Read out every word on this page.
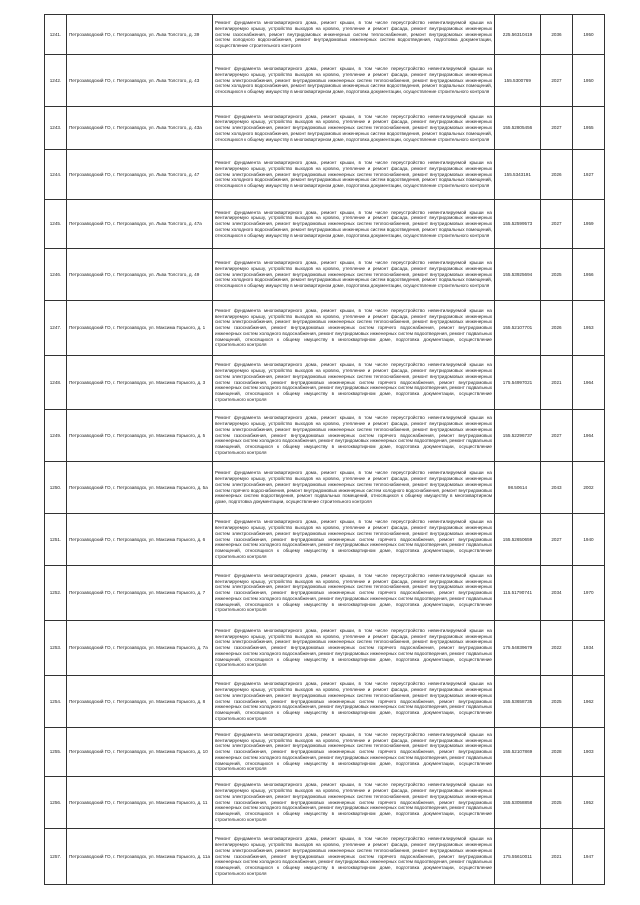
1241.	Петрозаводский ГО, г. Петрозаводск, ул. Льва Толстого, д. 39	Ремонт фундамента многоквартирного дома, ремонт крыши, в том числе переустройство невентилируемой крыши на вентилируемую крышу, устройство выходов на кровлю, утепление и ремонт фасада, ремонт внутридомовых инженерных систем газоснабжения, ремонт внутридомовых инженерных систем теплоснабжения, ремонт внутридомовых инженерных систем холодного водоснабжения, ремонт внутридомовых инженерных систем водоотведения, подготовка документации, осуществление строительного контроля	225.56310419	2036	1950
1242.	Петрозаводский ГО, г. Петрозаводск, ул. Льва Толстого, д. 43	Ремонт фундамента многоквартирного дома, ремонт крыши, в том числе переустройство невентилируемой крыши на вентилируемую крышу, устройство выходов на кровлю, утепление и ремонт фасада, ремонт внутридомовых инженерных систем электроснабжения, ремонт внутридомовых инженерных систем теплоснабжения, ремонт внутридомовых инженерных систем холодного водоснабжения, ремонт внутридомовых инженерных систем водоотведения, ремонт подвальных помещений, относящихся к общему имуществу в многоквартирном доме, подготовка документации, осуществление строительного контроля	155.5300769	2027	1950
1243.	Петрозаводский ГО, г. Петрозаводск, ул. Льва Толстого, д. 43а	Ремонт фундамента многоквартирного дома, ремонт крыши, в том числе переустройство невентилируемой крыши на вентилируемую крышу, устройство выходов на кровлю, утепление и ремонт фасада, ремонт внутридомовых инженерных систем электроснабжения, ремонт внутридомовых инженерных систем теплоснабжения, ремонт внутридомовых инженерных систем холодного водоснабжения, ремонт внутридомовых инженерных систем водоотведения, ремонт подвальных помещений, относящихся к общему имуществу в многоквартирном доме, подготовка документации, осуществление строительного контроля	155.52805456	2027	1955
1244.	Петрозаводский ГО, г. Петрозаводск, ул. Льва Толстого, д. 47	Ремонт фундамента многоквартирного дома, ремонт крыши, в том числе переустройство невентилируемой крыши на вентилируемую крышу, устройство выходов на кровлю, утепление и ремонт фасада, ремонт внутридомовых инженерных систем электроснабжения, ремонт внутридомовых инженерных систем теплоснабжения, ремонт внутридомовых инженерных систем холодного водоснабжения, ремонт внутридомовых инженерных систем водоотведения, ремонт подвальных помещений, относящихся к общему имуществу в многоквартирном доме, подготовка документации, осуществление строительного контроля	155.5343191	2026	1927
1245.	Петрозаводский ГО, г. Петрозаводск, ул. Льва Толстого, д. 47а	Ремонт фундамента многоквартирного дома, ремонт крыши, в том числе переустройство невентилируемой крыши на вентилируемую крышу, устройство выходов на кровлю, утепление и ремонт фасада, ремонт внутридомовых инженерных систем электроснабжения, ремонт внутридомовых инженерных систем теплоснабжения, ремонт внутридомовых инженерных систем холодного водоснабжения, ремонт внутридомовых инженерных систем водоотведения, ремонт подвальных помещений, относящихся к общему имуществу в многоквартирном доме, подготовка документации, осуществление строительного контроля	155.52599573	2027	1959
1246.	Петрозаводский ГО, г. Петрозаводск, ул. Льва Толстого, д. 49	Ремонт фундамента многоквартирного дома, ремонт крыши, в том числе переустройство невентилируемой крыши на вентилируемую крышу, устройство выходов на кровлю, утепление и ремонт фасада, ремонт внутридомовых инженерных систем электроснабжения, ремонт внутридомовых инженерных систем теплоснабжения, ремонт внутридомовых инженерных систем холодного водоснабжения, ремонт внутридомовых инженерных систем водоотведения, ремонт подвальных помещений, относящихся к общему имуществу в многоквартирном доме, подготовка документации, осуществление строительного контроля	155.53925694	2025	1956
1247.	Петрозаводский ГО, г. Петрозаводск, ул. Максима Горького, д. 1	Ремонт фундамента многоквартирного дома, ремонт крыши, в том числе переустройство невентилируемой крыши на вентилируемую крышу, устройство выходов на кровлю, утепление и ремонт фасада, ремонт внутридомовых инженерных систем электроснабжения, ремонт внутридомовых инженерных систем теплоснабжения, ремонт внутридомовых инженерных систем газоснабжения, ремонт внутридомовых инженерных систем горячего водоснабжения, ремонт внутридомовых инженерных систем холодного водоснабжения, ремонт внутридомовых инженерных систем водоотведения, ремонт подвальных помещений, относящихся к общему имуществу в многоквартирном доме, подготовка документации, осуществление строительного контроля	155.52107701	2026	1953
1248.	Петрозаводский ГО, г. Петрозаводск, ул. Максима Горького, д. 3	Ремонт фундамента многоквартирного дома, ремонт крыши, в том числе переустройство невентилируемой крыши на вентилируемую крышу, устройство выходов на кровлю, утепление и ремонт фасада, ремонт внутридомовых инженерных систем электроснабжения, ремонт внутридомовых инженерных систем теплоснабжения, ремонт внутридомовых инженерных систем газоснабжения, ремонт внутридомовых инженерных систем горячего водоснабжения, ремонт внутридомовых инженерных систем холодного водоснабжения, ремонт внутридомовых инженерных систем водоотведения, ремонт подвальных помещений, относящихся к общему имуществу в многоквартирном доме, подготовка документации, осуществление строительного контроля	175.54997021	2021	1964
1249.	Петрозаводский ГО, г. Петрозаводск, ул. Максима Горького, д. 5	Ремонт фундамента многоквартирного дома, ремонт крыши, в том числе переустройство невентилируемой крыши на вентилируемую крышу, устройство выходов на кровлю, утепление и ремонт фасада, ремонт внутридомовых инженерных систем электроснабжения, ремонт внутридомовых инженерных систем теплоснабжения, ремонт внутридомовых инженерных систем газоснабжения, ремонт внутридомовых инженерных систем горячего водоснабжения, ремонт внутридомовых инженерных систем холодного водоснабжения, ремонт внутридомовых инженерных систем водоотведения, ремонт подвальных помещений, относящихся к общему имуществу в многоквартирном доме, подготовка документации, осуществление строительного контроля	155.52296737	2027	1964
1250.	Петрозаводский ГО, г. Петрозаводск, ул. Максима Горького, д. 5а	Ремонт фундамента многоквартирного дома, ремонт крыши, в том числе переустройство невентилируемой крыши на вентилируемую крышу, устройство выходов на кровлю, утепление и ремонт фасада, ремонт внутридомовых инженерных систем электроснабжения, ремонт внутридомовых инженерных систем теплоснабжения, ремонт внутридомовых инженерных систем горячего водоснабжения, ремонт внутридомовых инженерных систем холодного водоснабжения, ремонт внутридомовых инженерных систем водоотведения, ремонт подвальных помещений, относящихся к общему имуществу в многоквартирном доме, подготовка документации, осуществление строительного контроля	98.50614	2043	2002
1251.	Петрозаводский ГО, г. Петрозаводск, ул. Максима Горького, д. 6	Ремонт фундамента многоквартирного дома, ремонт крыши, в том числе переустройство невентилируемой крыши на вентилируемую крышу, устройство выходов на кровлю, утепление и ремонт фасада, ремонт внутридомовых инженерных систем электроснабжения, ремонт внутридомовых инженерных систем теплоснабжения, ремонт внутридомовых инженерных систем газоснабжения, ремонт внутридомовых инженерных систем горячего водоснабжения, ремонт внутридомовых инженерных систем холодного водоснабжения, ремонт внутридомовых инженерных систем водоотведения, ремонт подвальных помещений, относящихся к общему имуществу в многоквартирном доме, подготовка документации, осуществление строительного контроля	155.52650659	2027	1940
1252.	Петрозаводский ГО, г. Петрозаводск, ул. Максима Горького, д. 7	Ремонт фундамента многоквартирного дома, ремонт крыши, в том числе переустройство невентилируемой крыши на вентилируемую крышу, устройство выходов на кровлю, утепление и ремонт фасада, ремонт внутридомовых инженерных систем электроснабжения, ремонт внутридомовых инженерных систем теплоснабжения, ремонт внутридомовых инженерных систем газоснабжения, ремонт внутридомовых инженерных систем горячего водоснабжения, ремонт внутридомовых инженерных систем холодного водоснабжения, ремонт внутридомовых инженерных систем водоотведения, ремонт подвальных помещений, относящихся к общему имуществу в многоквартирном доме, подготовка документации, осуществление строительного контроля	115.51790741	2034	1970
1253.	Петрозаводский ГО, г. Петрозаводск, ул. Максима Горького, д. 7а	Ремонт фундамента многоквартирного дома, ремонт крыши, в том числе переустройство невентилируемой крыши на вентилируемую крышу, устройство выходов на кровлю, утепление и ремонт фасада, ремонт внутридомовых инженерных систем электроснабжения, ремонт внутридомовых инженерных систем теплоснабжения, ремонт внутридомовых инженерных систем газоснабжения, ремонт внутридомовых инженерных систем горячего водоснабжения, ремонт внутридомовых инженерных систем холодного водоснабжения, ремонт внутридомовых инженерных систем водоотведения, ремонт подвальных помещений, относящихся к общему имуществу в многоквартирном доме, подготовка документации, осуществление строительного контроля	175.54839679	2022	1934
1254.	Петрозаводский ГО, г. Петрозаводск, ул. Максима Горького, д. 8	Ремонт фундамента многоквартирного дома, ремонт крыши, в том числе переустройство невентилируемой крыши на вентилируемую крышу, устройство выходов на кровлю, утепление и ремонт фасада, ремонт внутридомовых инженерных систем электроснабжения, ремонт внутридомовых инженерных систем теплоснабжения, ремонт внутридомовых инженерных систем газоснабжения, ремонт внутридомовых инженерных систем горячего водоснабжения, ремонт внутридомовых инженерных систем холодного водоснабжения, ремонт внутридомовых инженерных систем водоотведения, ремонт подвальных помещений, относящихся к общему имуществу в многоквартирном доме, подготовка документации, осуществление строительного контроля	155.53658735	2025	1962
1255.	Петрозаводский ГО, г. Петрозаводск, ул. Максима Горького, д. 10	Ремонт фундамента многоквартирного дома, ремонт крыши, в том числе переустройство невентилируемой крыши на вентилируемую крышу, устройство выходов на кровлю, утепление и ремонт фасада, ремонт внутридомовых инженерных систем электроснабжения, ремонт внутридомовых инженерных систем теплоснабжения, ремонт внутридомовых инженерных систем газоснабжения, ремонт внутридомовых инженерных систем горячего водоснабжения, ремонт внутридомовых инженерных систем холодного водоснабжения, ремонт внутридомовых инженерных систем водоотведения, ремонт подвальных помещений, относящихся к общему имуществу в многоквартирном доме, подготовка документации, осуществление строительного контроля	155.52107869	2028	1903
1256.	Петрозаводский ГО, г. Петрозаводск, ул. Максима Горького, д. 11	Ремонт фундамента многоквартирного дома, ремонт крыши, в том числе переустройство невентилируемой крыши на вентилируемую крышу, устройство выходов на кровлю, утепление и ремонт фасада, ремонт внутридомовых инженерных систем электроснабжения, ремонт внутридомовых инженерных систем теплоснабжения, ремонт внутридомовых инженерных систем газоснабжения, ремонт внутридомовых инженерных систем горячего водоснабжения, ремонт внутридомовых инженерных систем холодного водоснабжения, ремонт внутридомовых инженерных систем водоотведения, ремонт подвальных помещений, относящихся к общему имуществу в многоквартирном доме, подготовка документации, осуществление строительного контроля	155.53058858	2025	1952
1257.	Петрозаводский ГО, г. Петрозаводск, ул. Максима Горького, д. 11а	Ремонт фундамента многоквартирного дома, ремонт крыши, в том числе переустройство невентилируемой крыши на вентилируемую крышу, устройство выходов на кровлю, утепление и ремонт фасада, ремонт внутридомовых инженерных систем электроснабжения, ремонт внутридомовых инженерных систем теплоснабжения, ремонт внутридомовых инженерных систем газоснабжения, ремонт внутридомовых инженерных систем горячего водоснабжения, ремонт внутридомовых инженерных систем холодного водоснабжения, ремонт внутридомовых инженерных систем водоотведения, ремонт подвальных помещений, относящихся к общему имуществу в многоквартирном доме, подготовка документации, осуществление строительного контроля	175.55610011	2021	1947
